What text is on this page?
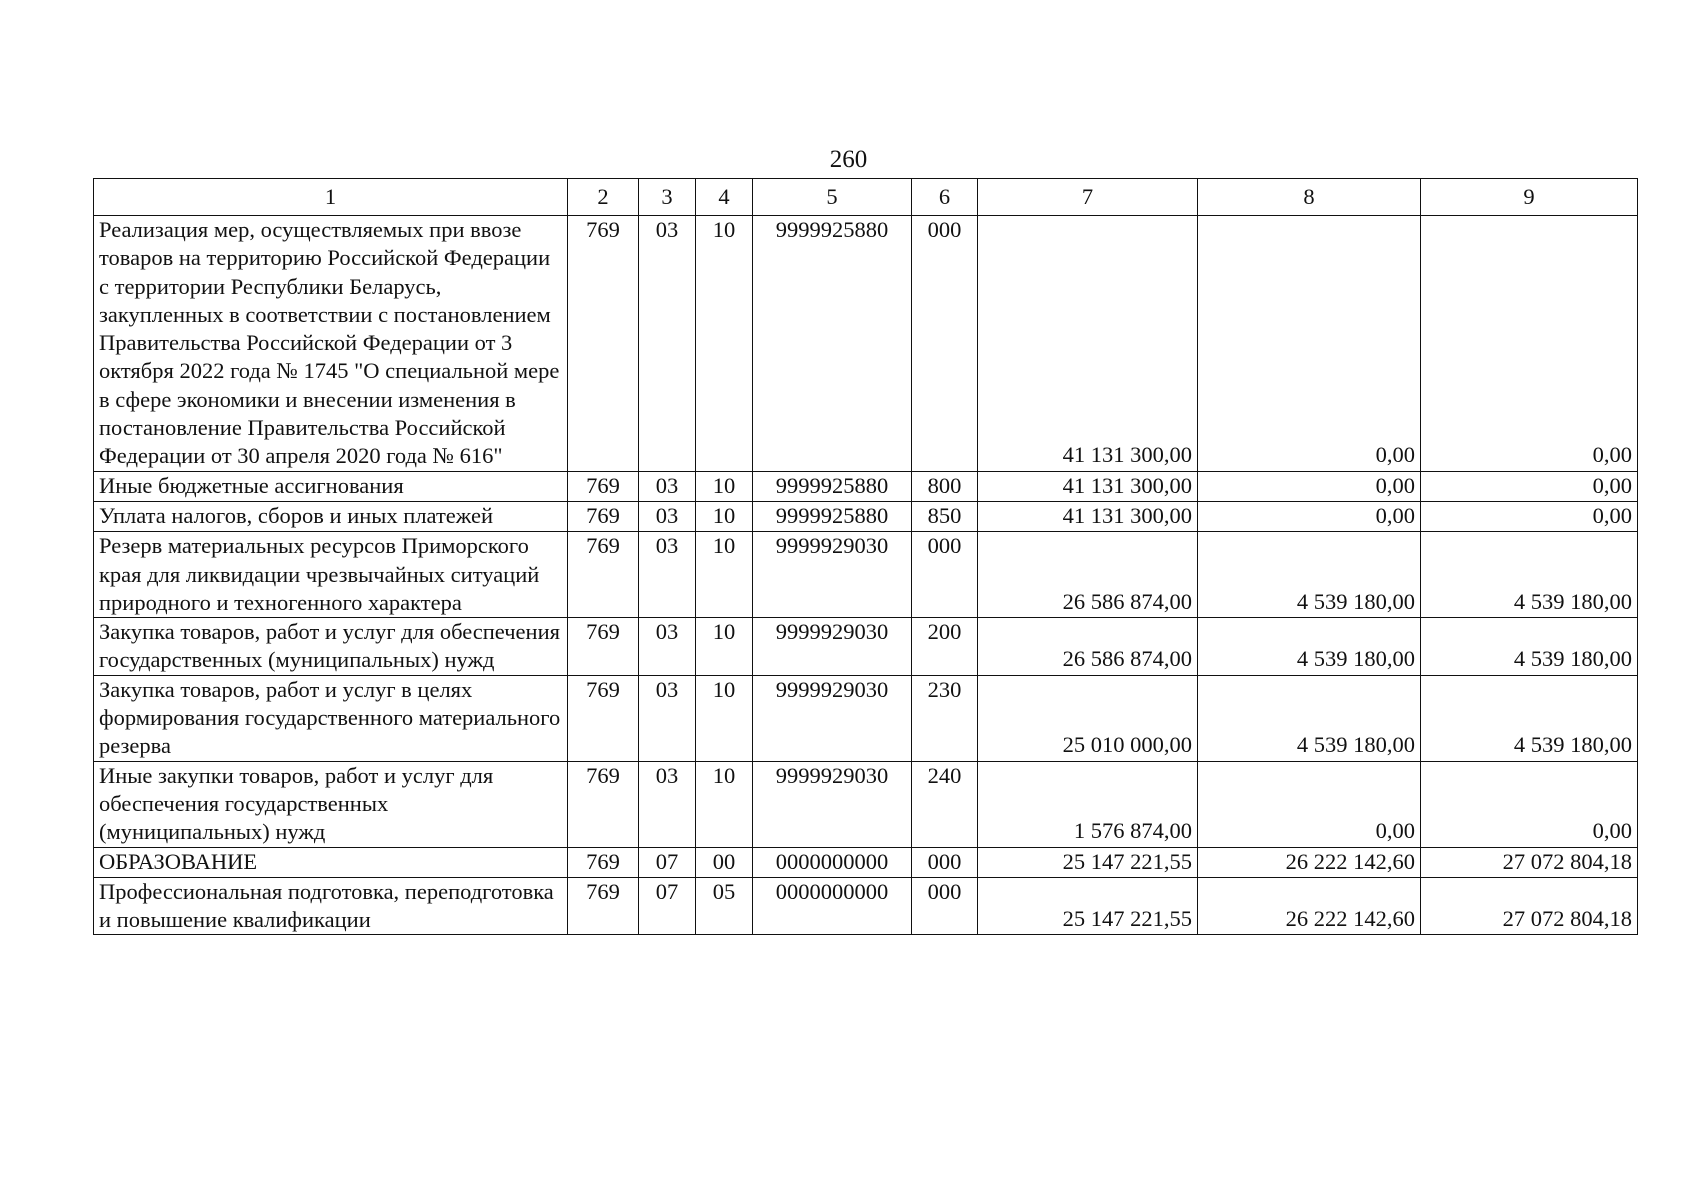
260
1	2	3	4	5	6	7	8	9
Реализация мер, осуществляемых при ввозе товаров на территорию Российской Федерации с территории Республики Беларусь, закупленных в соответствии с постановлением Правительства Российской Федерации от 3 октября 2022 года № 1745 "О специальной мере в сфере экономики и внесении изменения в постановление Правительства Российской Федерации от 30 апреля 2020 года № 616"	769	03	10	9999925880	000	41 131 300,00	0,00	0,00
Иные бюджетные ассигнования	769	03	10	9999925880	800	41 131 300,00	0,00	0,00
Уплата налогов, сборов и иных платежей	769	03	10	9999925880	850	41 131 300,00	0,00	0,00
Резерв материальных ресурсов Приморского края для ликвидации чрезвычайных ситуаций природного и техногенного характера	769	03	10	9999929030	000	26 586 874,00	4 539 180,00	4 539 180,00
Закупка товаров, работ и услуг для обеспечения государственных (муниципальных) нужд	769	03	10	9999929030	200	26 586 874,00	4 539 180,00	4 539 180,00
Закупка товаров, работ и услуг в целях формирования государственного материального резерва	769	03	10	9999929030	230	25 010 000,00	4 539 180,00	4 539 180,00
Иные закупки товаров, работ и услуг для обеспечения государственных (муниципальных) нужд	769	03	10	9999929030	240	1 576 874,00	0,00	0,00
ОБРАЗОВАНИЕ	769	07	00	0000000000	000	25 147 221,55	26 222 142,60	27 072 804,18
Профессиональная подготовка, переподготовка и повышение квалификации	769	07	05	0000000000	000	25 147 221,55	26 222 142,60	27 072 804,18
